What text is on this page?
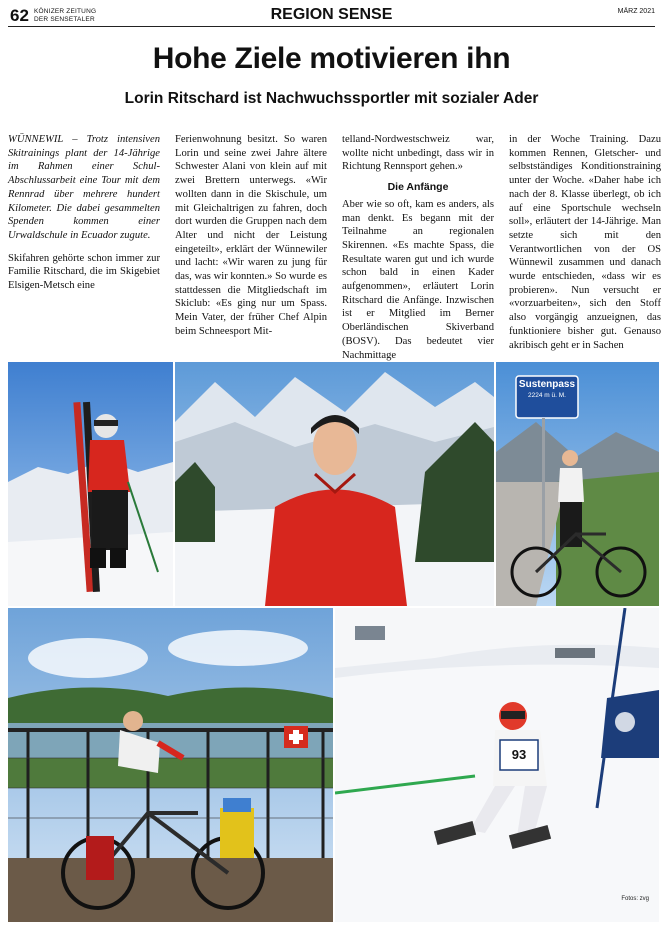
62 KÖNIZER ZEITUNG
DER SENSETALER	REGION SENSE	MÄRZ 2021
Hohe Ziele motivieren ihn
Lorin Ritschard ist Nachwuchssportler mit sozialer Ader

WÜNNEWIL – Trotz intensiven Skitrainings plant der 14-Jährige im Rahmen einer Schul-Abschlussarbeit eine Tour mit dem Rennrad über mehrere hundert Kilometer. Die dabei gesammelten Spenden kommen einer Urwaldschule in Ecuador zugute.

Skifahren gehörte schon immer zur Familie Ritschard, die im Skigebiet Elsigen-Metsch eine

Ferienwohnung besitzt. So waren Lorin und seine zwei Jahre ältere Schwester Alani von klein auf mit zwei Brettern unterwegs. «Wir wollten dann in die Skischule, um mit Gleichaltrigen zu fahren, doch dort wurden die Gruppen nach dem Alter und nicht der Leistung eingeteilt», erklärt der Wünnewiler und lacht: «Wir waren zu jung für das, was wir konnten.» So wurde es stattdessen die Mitgliedschaft im Skiclub: «Es ging nur um Spass. Mein Vater, der früher Chef Alpin beim Schneesport Mit-

telland-Nordwestschweiz war, wollte nicht unbedingt, dass wir in Richtung Rennsport gehen.»

Die Anfänge

Aber wie so oft, kam es anders, als man denkt. Es begann mit der Teilnahme an regionalen Skirennen. «Es machte Spass, die Resultate waren gut und ich wurde schon bald in einen Kader aufgenommen», erläutert Lorin Ritschard die Anfänge. Inzwischen ist er Mitglied im Berner Oberländischen Skiverband (BOSV). Das bedeutet vier Nachmittage

in der Woche Training. Dazu kommen Rennen, Gletscher- und selbstständiges Konditionstraining unter der Woche. «Daher habe ich nach der 8. Klasse überlegt, ob ich auf eine Sportschule wechseln soll», erläutert der 14-Jährige. Man setzte sich mit den Verantwortlichen von der OS Wünnewil zusammen und danach wurde entschieden, «dass wir es probieren». Nun versucht er «vorzuarbeiten», sich den Stoff also vorgängig anzueignen, das funktioniere bisher gut. Genauso akribisch geht er in Sachen

Sustenpass
2224 m ü. M.
93
Fotos: zvg
